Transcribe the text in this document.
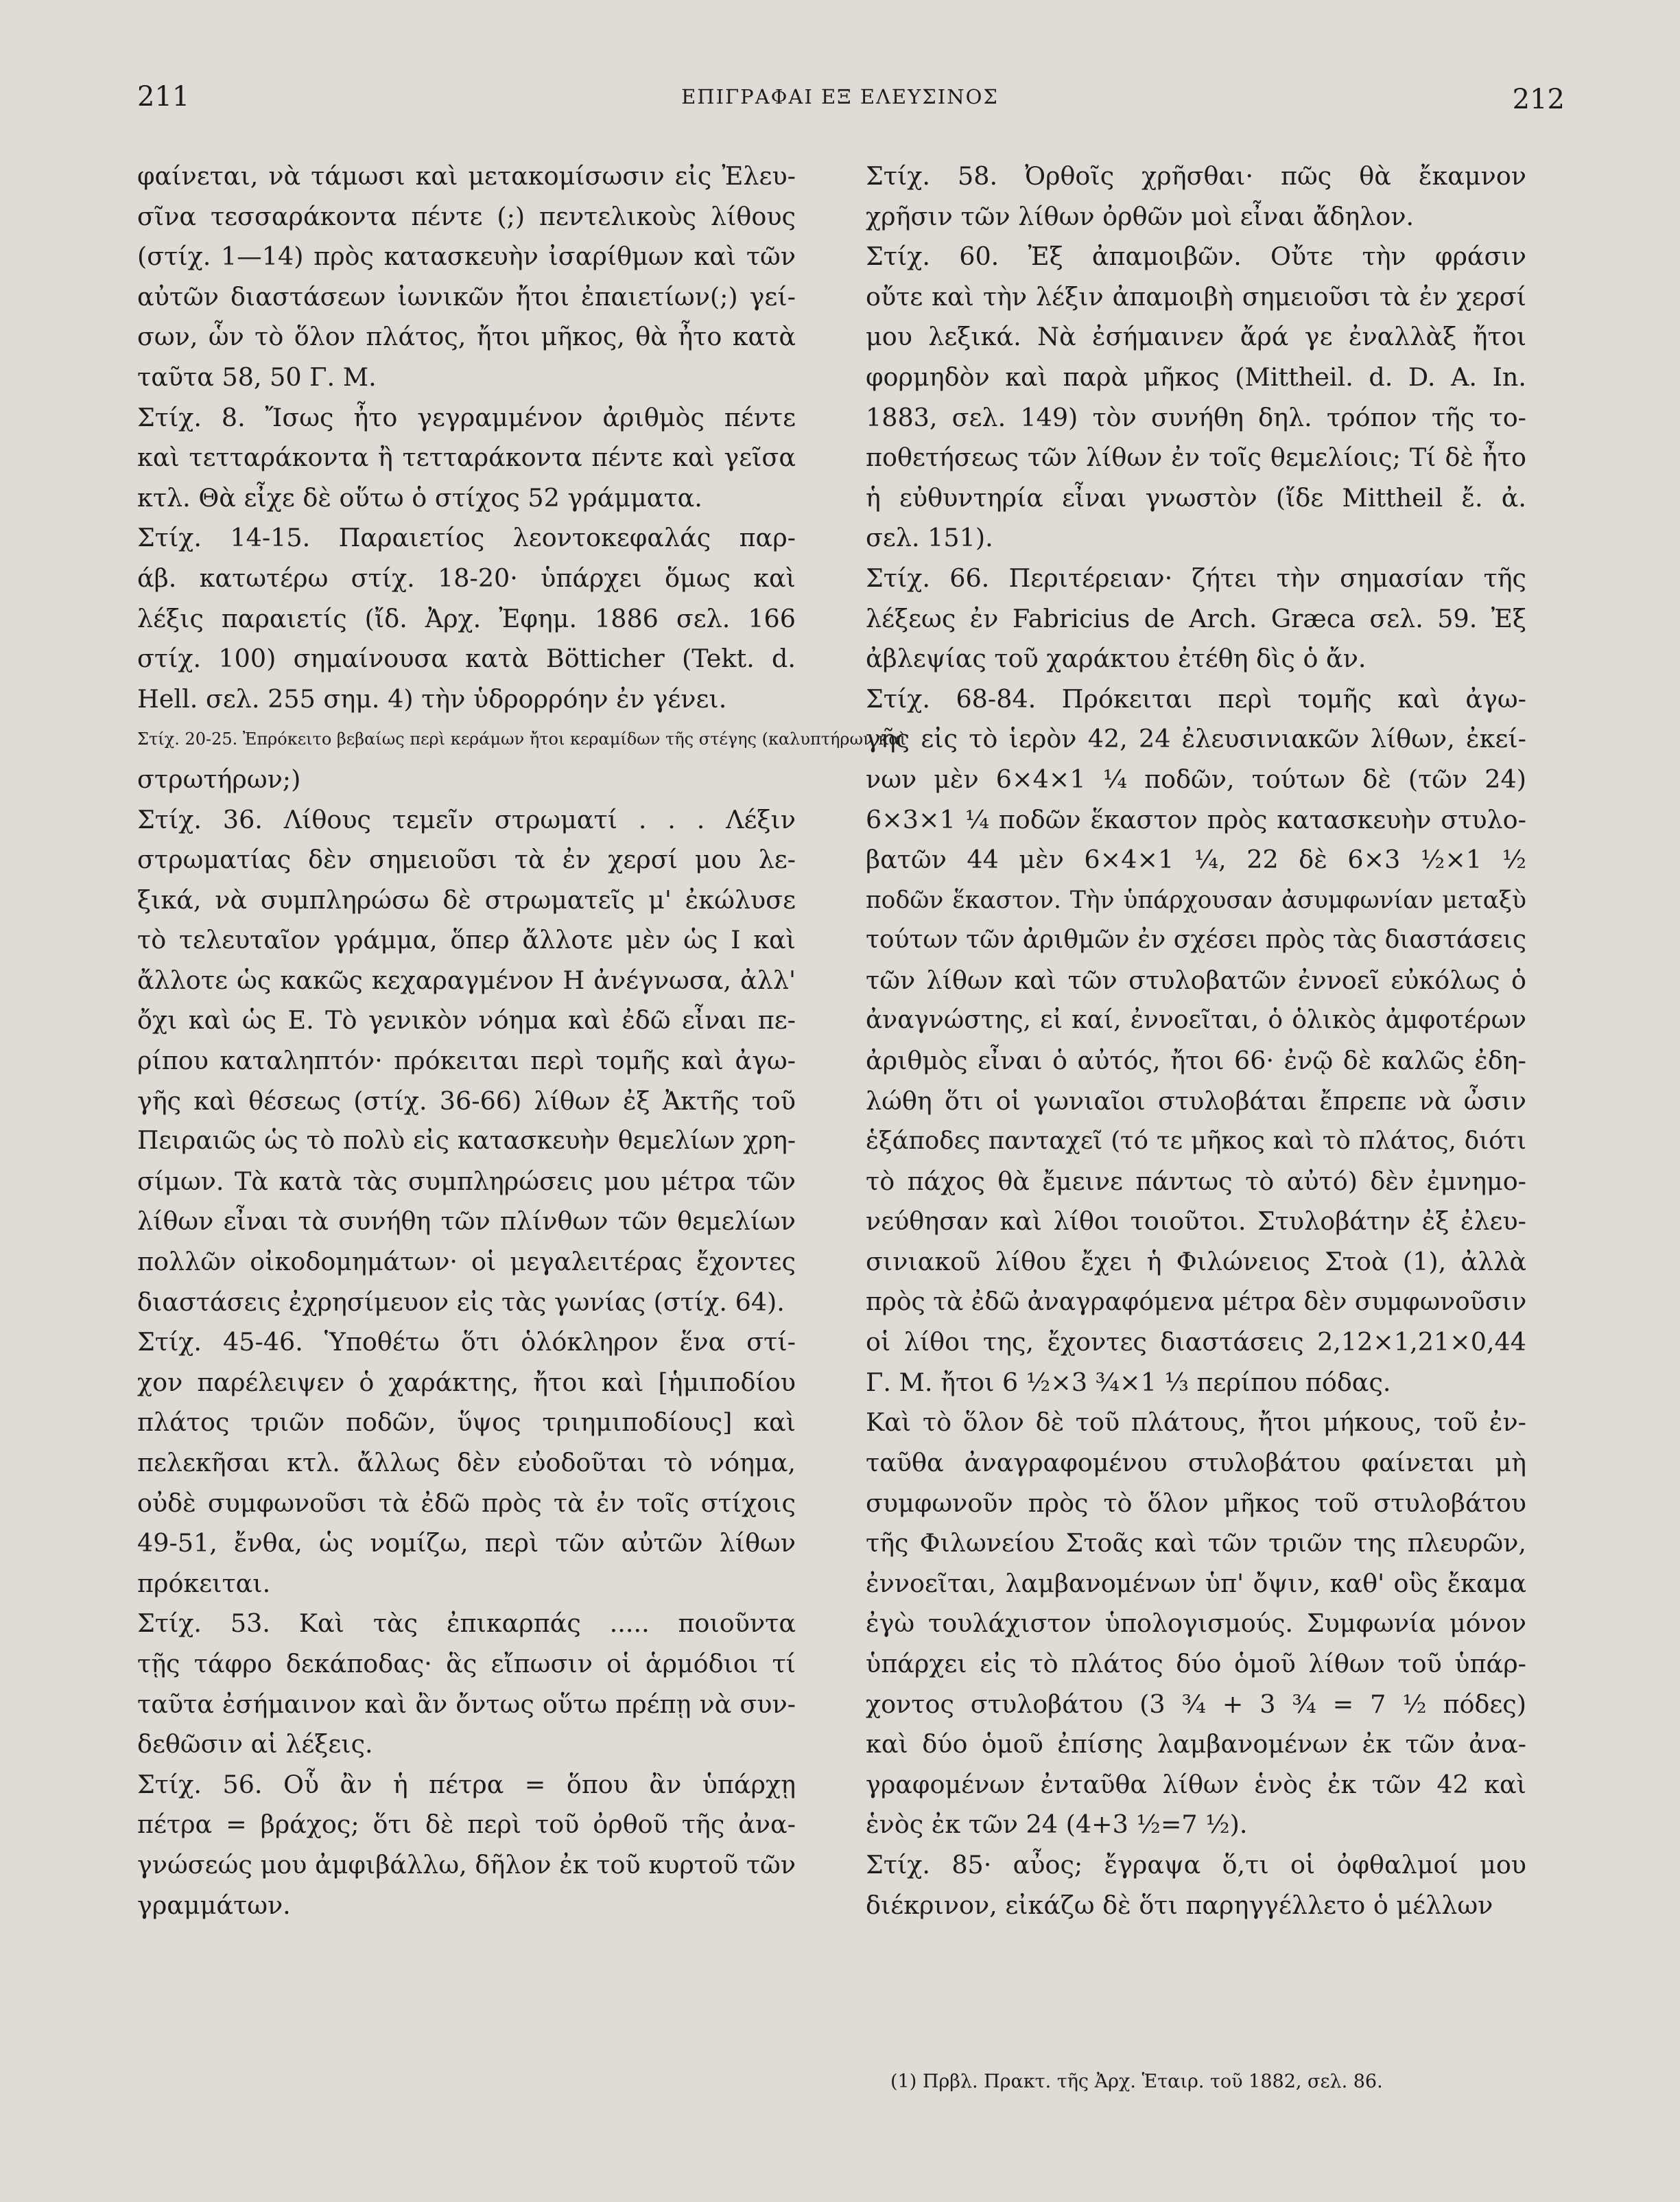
211	ΕΠΙΓΡΑΦΑΙ ΕΞ ΕΛΕΥΣΙΝΟΣ	212
φαίνεται, νὰ τάμωσι καὶ μετακομίσωσιν εἰς Ἐλευ-
σῖνα τεσσαράκοντα πέντε (;) πεντελικοὺς λίθους
(στίχ. 1—14) πρὸς κατασκευὴν ἰσαρίθμων καὶ τῶν
αὐτῶν διαστάσεων ἰωνικῶν ἤτοι ἐπαιετίων(;) γεί-
σων, ὧν τὸ ὅλον πλάτος, ἤτοι μῆκος, θὰ ἦτο κατὰ
ταῦτα 58, 50 Γ. Μ.
Στίχ. 8. Ἴσως ἦτο γεγραμμένον ἀριθμὸς πέντε
καὶ τετταράκοντα ἢ τετταράκοντα πέντε καὶ γεῖσα
κτλ. Θὰ εἶχε δὲ οὕτω ὁ στίχος 52 γράμματα.
Στίχ. 14-15. Παραιετίος λεοντοκεφαλάς παρ-
άβ. κατωτέρω στίχ. 18-20· ὑπάρχει ὅμως καὶ
λέξις παραιετίς (ἴδ. Ἀρχ. Ἐφημ. 1886 σελ. 166
στίχ. 100) σημαίνουσα κατὰ Bötticher (Tekt. d.
Hell. σελ. 255 σημ. 4) τὴν ὑδρορρόην ἐν γένει.
Στίχ. 20-25. Ἐπρόκειτο βεβαίως περὶ κεράμων ἤτοι κεραμίδων τῆς στέγης (καλυπτήρων καὶ
στρωτήρων;)
Στίχ. 36. Λίθους τεμεῖν στρωματί . . . Λέξιν
στρωματίας δὲν σημειοῦσι τὰ ἐν χερσί μου λε-
ξικά, νὰ συμπληρώσω δὲ στρωματεῖς μ' ἐκώλυσε
τὸ τελευταῖον γράμμα, ὅπερ ἄλλοτε μὲν ὡς Ι καὶ
ἄλλοτε ὡς κακῶς κεχαραγμένον Η ἀνέγνωσα, ἀλλ'
ὄχι καὶ ὡς Ε. Τὸ γενικὸν νόημα καὶ ἐδῶ εἶναι πε-
ρίπου καταληπτόν· πρόκειται περὶ τομῆς καὶ ἀγω-
γῆς καὶ θέσεως (στίχ. 36-66) λίθων ἐξ Ἀκτῆς τοῦ
Πειραιῶς ὡς τὸ πολὺ εἰς κατασκευὴν θεμελίων χρη-
σίμων. Τὰ κατὰ τὰς συμπληρώσεις μου μέτρα τῶν
λίθων εἶναι τὰ συνήθη τῶν πλίνθων τῶν θεμελίων
πολλῶν οἰκοδομημάτων· οἱ μεγαλειτέρας ἔχοντες
διαστάσεις ἐχρησίμευον εἰς τὰς γωνίας (στίχ. 64).
Στίχ. 45-46. Ὑποθέτω ὅτι ὁλόκληρον ἕνα στί-
χον παρέλειψεν ὁ χαράκτης, ἤτοι καὶ [ἡμιποδίου
πλάτος τριῶν ποδῶν, ὕψος τριημιποδίους] καὶ
πελεκῆσαι κτλ. ἄλλως δὲν εὐοδοῦται τὸ νόημα,
οὐδὲ συμφωνοῦσι τὰ ἐδῶ πρὸς τὰ ἐν τοῖς στίχοις
49-51, ἔνθα, ὡς νομίζω, περὶ τῶν αὐτῶν λίθων
πρόκειται.
Στίχ. 53. Καὶ τὰς ἐπικαρπάς ..... ποιοῦντα
τῇς τάφρο δεκάποδας· ἃς εἴπωσιν οἱ ἁρμόδιοι τί
ταῦτα ἐσήμαινον καὶ ἂν ὄντως οὕτω πρέπῃ νὰ συν-
δεθῶσιν αἱ λέξεις.
Στίχ. 56. Οὗ ἂν ἡ πέτρα = ὅπου ἂν ὑπάρχῃ
πέτρα = βράχος; ὅτι δὲ περὶ τοῦ ὀρθοῦ τῆς ἀνα-
γνώσεώς μου ἀμφιβάλλω, δῆλον ἐκ τοῦ κυρτοῦ τῶν
γραμμάτων.
Στίχ. 58. Ὀρθοῖς χρῆσθαι· πῶς θὰ ἔκαμνον
χρῆσιν τῶν λίθων ὀρθῶν μοὶ εἶναι ἄδηλον.
Στίχ. 60. Ἐξ ἀπαμοιβῶν. Οὔτε τὴν φράσιν
οὔτε καὶ τὴν λέξιν ἀπαμοιβὴ σημειοῦσι τὰ ἐν χερσί
μου λεξικά. Νὰ ἐσήμαινεν ἄρά γε ἐναλλὰξ ἤτοι
φορμηδὸν καὶ παρὰ μῆκος (Mittheil. d. D. A. In.
1883, σελ. 149) τὸν συνήθη δηλ. τρόπον τῆς το-
ποθετήσεως τῶν λίθων ἐν τοῖς θεμελίοις; Τί δὲ ἦτο
ἡ εὐθυντηρία εἶναι γνωστὸν (ἴδε Mittheil ἔ. ἀ.
σελ. 151).
Στίχ. 66. Περιτέρειαν· ζήτει τὴν σημασίαν τῆς
λέξεως ἐν Fabricius de Arch. Græca σελ. 59. Ἐξ
ἀβλεψίας τοῦ χαράκτου ἐτέθη δὶς ὁ ἄν.
Στίχ. 68-84. Πρόκειται περὶ τομῆς καὶ ἀγω-
γῆς εἰς τὸ ἱερὸν 42, 24 ἐλευσινιακῶν λίθων, ἐκεί-
νων μὲν 6×4×1 ¼ ποδῶν, τούτων δὲ (τῶν 24)
6×3×1 ¼ ποδῶν ἕκαστον πρὸς κατασκευὴν στυλο-
βατῶν 44 μὲν 6×4×1 ¼, 22 δὲ 6×3 ½×1 ½
ποδῶν ἕκαστον. Τὴν ὑπάρχουσαν ἀσυμφωνίαν μεταξὺ
τούτων τῶν ἀριθμῶν ἐν σχέσει πρὸς τὰς διαστάσεις
τῶν λίθων καὶ τῶν στυλοβατῶν ἐννοεῖ εὐκόλως ὁ
ἀναγνώστης, εἰ καί, ἐννοεῖται, ὁ ὁλικὸς ἀμφοτέρων
ἀριθμὸς εἶναι ὁ αὐτός, ἤτοι 66· ἐνῷ δὲ καλῶς ἐδη-
λώθη ὅτι οἱ γωνιαῖοι στυλοβάται ἔπρεπε νὰ ὦσιν
ἑξάποδες πανταχεῖ (τό τε μῆκος καὶ τὸ πλάτος, διότι
τὸ πάχος θὰ ἔμεινε πάντως τὸ αὐτό) δὲν ἐμνημο-
νεύθησαν καὶ λίθοι τοιοῦτοι. Στυλοβάτην ἐξ ἐλευ-
σινιακοῦ λίθου ἔχει ἡ Φιλώνειος Στοὰ (1), ἀλλὰ
πρὸς τὰ ἐδῶ ἀναγραφόμενα μέτρα δὲν συμφωνοῦσιν
οἱ λίθοι της, ἔχοντες διαστάσεις 2,12×1,21×0,44
Γ. Μ. ἤτοι 6 ½×3 ¾×1 ⅓ περίπου πόδας.
Καὶ τὸ ὅλον δὲ τοῦ πλάτους, ἤτοι μήκους, τοῦ ἐν-
ταῦθα ἀναγραφομένου στυλοβάτου φαίνεται μὴ
συμφωνοῦν πρὸς τὸ ὅλον μῆκος τοῦ στυλοβάτου
τῆς Φιλωνείου Στοᾶς καὶ τῶν τριῶν της πλευρῶν,
ἐννοεῖται, λαμβανομένων ὑπ' ὄψιν, καθ' οὓς ἔκαμα
ἐγὼ τουλάχιστον ὑπολογισμούς. Συμφωνία μόνον
ὑπάρχει εἰς τὸ πλάτος δύο ὁμοῦ λίθων τοῦ ὑπάρ-
χοντος στυλοβάτου (3 ¾ + 3 ¾ = 7 ½ πόδες)
καὶ δύο ὁμοῦ ἐπίσης λαμβανομένων ἐκ τῶν ἀνα-
γραφομένων ἐνταῦθα λίθων ἑνὸς ἐκ τῶν 42 καὶ
ἑνὸς ἐκ τῶν 24 (4+3 ½=7 ½).
Στίχ. 85· αὖος; ἔγραψα ὅ,τι οἱ ὀφθαλμοί μου
διέκρινον, εἰκάζω δὲ ὅτι παρηγγέλλετο ὁ μέλλων
(1) Πρβλ. Πρακτ. τῆς Ἀρχ. Ἑταιρ. τοῦ 1882, σελ. 86.
